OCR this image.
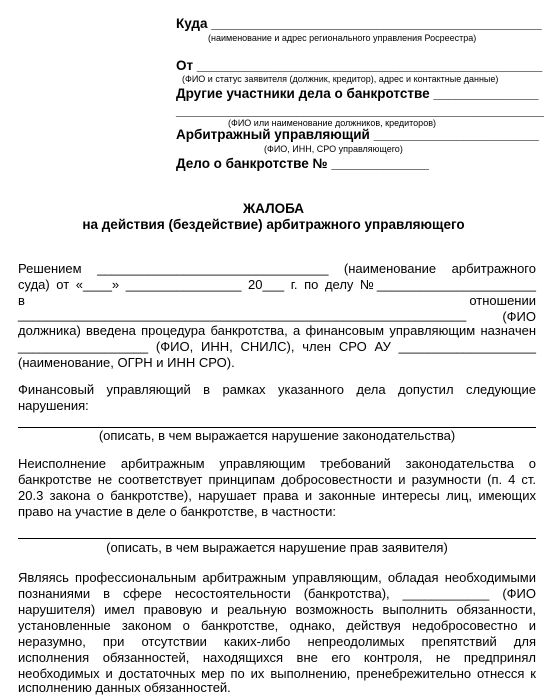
Куда ____________________________________________
(наименование и адрес регионального управления Росреестра)
От ______________________________________________
(ФИО и статус заявителя (должник, кредитор), адрес и контактные данные)
Другие участники дела о банкротстве ______________
_________________________________________________
(ФИО или наименование должников, кредиторов)
Арбитражный управляющий ______________________
(ФИО, ИНН, СРО управляющего)
Дело о банкротстве № _____________
ЖАЛОБА
на действия (бездействие) арбитражного управляющего
Решением ________________________________ (наименование арбитражного
суда) от «____» ________________ 20___ г. по делу №______________________
в	отношении
______________________________________________________________	(ФИО
должника) введена процедура банкротства, а финансовым управляющим назначен
__________________ (ФИО, ИНН, СНИЛС), член СРО АУ ___________________
(наименование, ОГРН и ИНН СРО).
Финансовый управляющий в рамках указанного дела допустил следующие
нарушения:
(описать, в чем выражается нарушение законодательства)
Неисполнение арбитражным управляющим требований законодательства о
банкротстве не соответствует принципам добросовестности и разумности (п. 4 ст.
20.3 закона о банкротстве), нарушает права и законные интересы лиц, имеющих
право на участие в деле о банкротстве, в частности:
(описать, в чем выражается нарушение прав заявителя)
Являясь профессиональным арбитражным управляющим, обладая необходимыми
познаниями в сфере несостоятельности (банкротства), ____________ (ФИО
нарушителя) имел правовую и реальную возможность выполнить обязанности,
установленные законом о банкротстве, однако, действуя недобросовестно и
неразумно, при отсутствии каких-либо непреодолимых препятствий для
исполнения обязанностей, находящихся вне его контроля, не предпринял
необходимых и достаточных мер по их выполнению, пренебрежительно отнесся к
исполнению данных обязанностей.
